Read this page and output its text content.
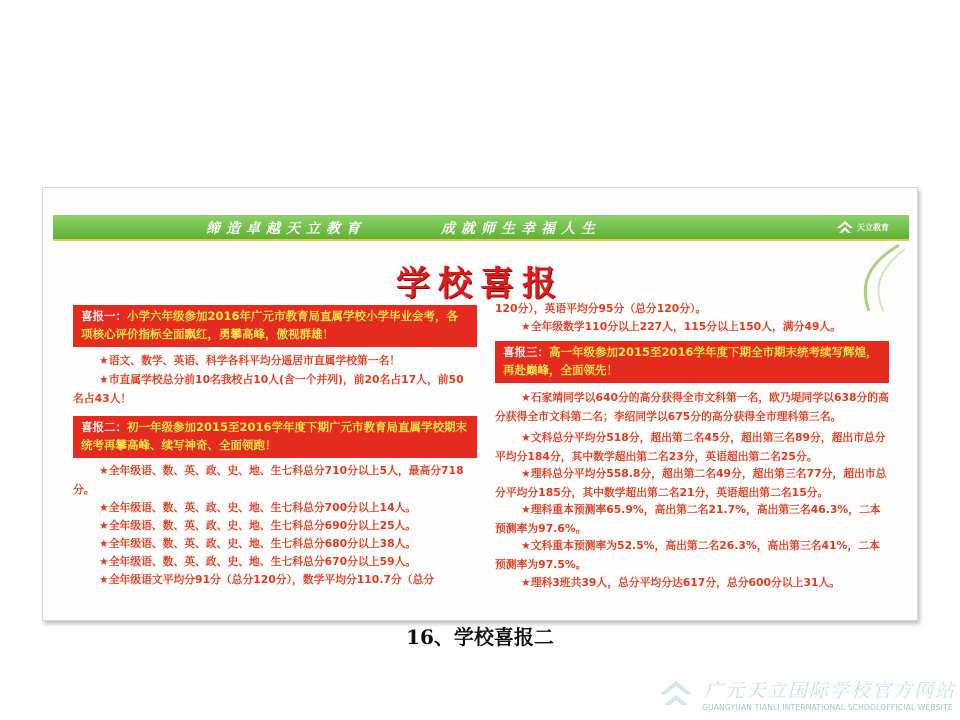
缔造卓越天立教育	成就师生幸福人生	天立教育
学校喜报
喜报一：小学六年级参加2016年广元市教育局直属学校小学毕业会考，各项核心评价指标全面飘红，勇攀高峰，傲视群雄！

★语文、数学、英语、科学各科平均分遥居市直属学校第一名！

★市直属学校总分前10名我校占10人(含一个并列)，前20名占17人，前50名占43人！

喜报二：初一年级参加2015至2016学年度下期广元市教育局直属学校期末统考再攀高峰、续写神奇、全面领跑！

★全年级语、数、英、政、史、地、生七科总分710分以上5人，最高分718分。

★全年级语、数、英、政、史、地、生七科总分700分以上14人。

★全年级语、数、英、政、史、地、生七科总分690分以上25人。

★全年级语、数、英、政、史、地、生七科总分680分以上38人。

★全年级语、数、英、政、史、地、生七科总分670分以上59人。

★全年级语文平均分91分（总分120分），数学平均分110.7分（总分

120分），英语平均分95分（总分120分）。

★全年级数学110分以上227人，115分以上150人，满分49人。

喜报三：高一年级参加2015至2016学年度下期全市期末统考续写辉煌，再赴巅峰，全面领先！

★石家靖同学以640分的高分获得全市文科第一名，欧乃堤同学以638分的高分获得全市文科第二名；李绍同学以675分的高分获得全市理科第三名。

★文科总分平均分518分，超出第二名45分，超出第三名89分，超出市总分平均分184分，其中数学超出第二名23分，英语超出第二名25分。

★理科总分平均分558.8分，超出第二名49分，超出第三名77分，超出市总分平均分185分，其中数学超出第二名21分，英语超出第二名15分。

★理科重本预测率65.9%，高出第二名21.7%，高出第三名46.3%，二本预测率为97.6%。

★文科重本预测率为52.5%，高出第二名26.3%，高出第三名41%，二本预测率为97.5%。

★理科3班共39人，总分平均分达617分，总分600分以上31人。

16、学校喜报二
广元天立国际学校官方网站
GUANGYUAN TIANLI INTERNATIONAL SCHOOLOFFICIAL WEBSITE
